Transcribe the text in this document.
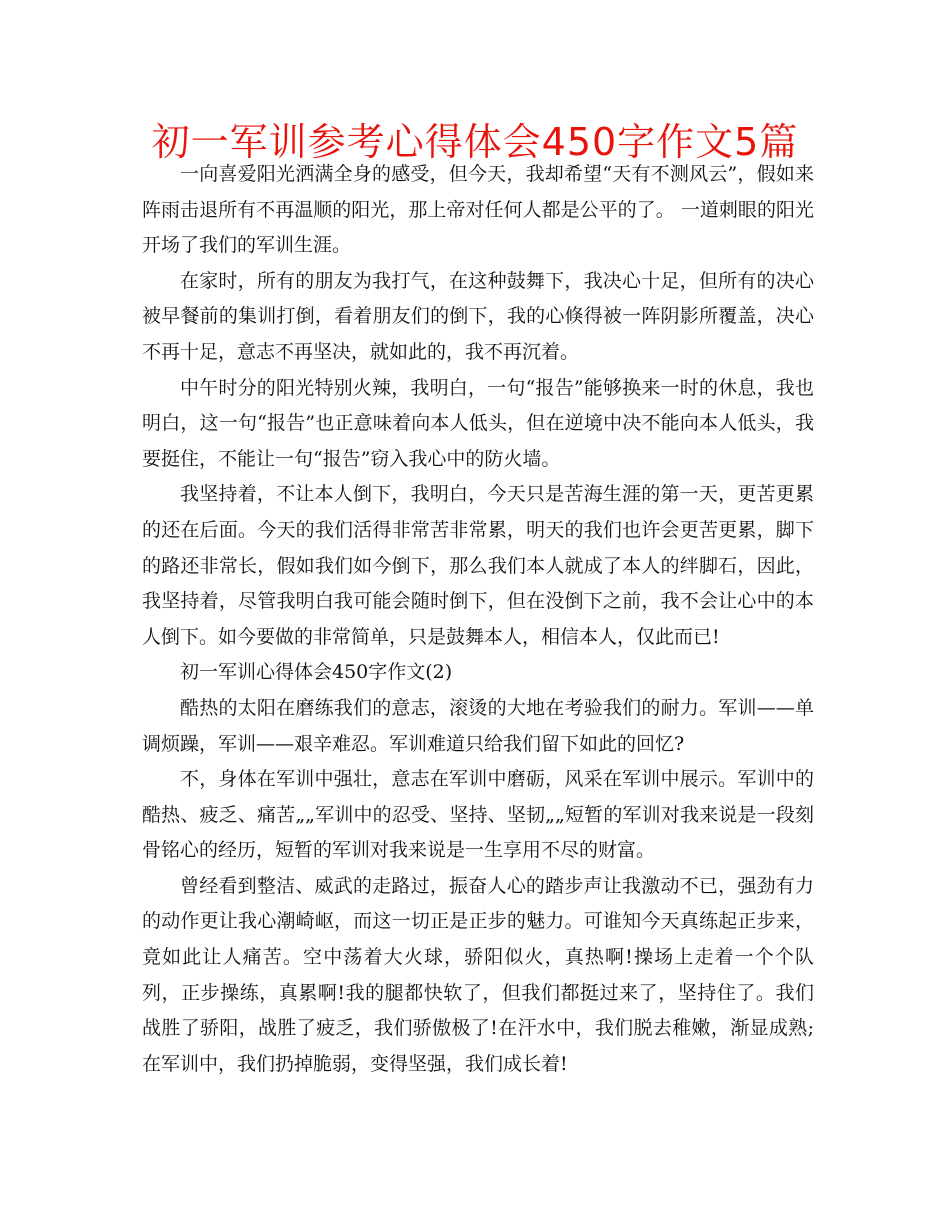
初一军训参考心得体会450字作文5篇

一向喜爱阳光洒满全身的感受，但今天，我却希望“天有不测风云”，假如来阵雨击退所有不再温顺的阳光，那上帝对任何人都是公平的了。 一道刺眼的阳光开场了我们的军训生涯。

在家时，所有的朋友为我打气，在这种鼓舞下，我决心十足，但所有的决心被早餐前的集训打倒，看着朋友们的倒下，我的心倏得被一阵阴影所覆盖，决心不再十足，意志不再坚决，就如此的，我不再沉着。

中午时分的阳光特别火辣，我明白，一句“报告”能够换来一时的休息，我也明白，这一句“报告”也正意味着向本人低头，但在逆境中决不能向本人低头，我要挺住，不能让一句“报告”窃入我心中的防火墙。

我坚持着，不让本人倒下，我明白，今天只是苦海生涯的第一天，更苦更累的还在后面。今天的我们活得非常苦非常累，明天的我们也许会更苦更累，脚下的路还非常长，假如我们如今倒下，那么我们本人就成了本人的绊脚石，因此，我坚持着，尽管我明白我可能会随时倒下，但在没倒下之前，我不会让心中的本人倒下。如今要做的非常简单，只是鼓舞本人，相信本人，仅此而已!

初一军训心得体会450字作文(2)

酷热的太阳在磨练我们的意志，滚烫的大地在考验我们的耐力。军训——单调烦躁，军训——艰辛难忍。军训难道只给我们留下如此的回忆?

不，身体在军训中强壮，意志在军训中磨砺，风采在军训中展示。军训中的酷热、疲乏、痛苦„„军训中的忍受、坚持、坚韧„„短暂的军训对我来说是一段刻骨铭心的经历，短暂的军训对我来说是一生享用不尽的财富。

曾经看到整洁、威武的走路过，振奋人心的踏步声让我激动不已，强劲有力的动作更让我心潮崎岖，而这一切正是正步的魅力。可谁知今天真练起正步来，竟如此让人痛苦。空中荡着大火球，骄阳似火，真热啊!操场上走着一个个队列，正步操练，真累啊!我的腿都快软了，但我们都挺过来了，坚持住了。我们战胜了骄阳，战胜了疲乏，我们骄傲极了!在汗水中，我们脱去稚嫩，渐显成熟;在军训中，我们扔掉脆弱，变得坚强，我们成长着!
